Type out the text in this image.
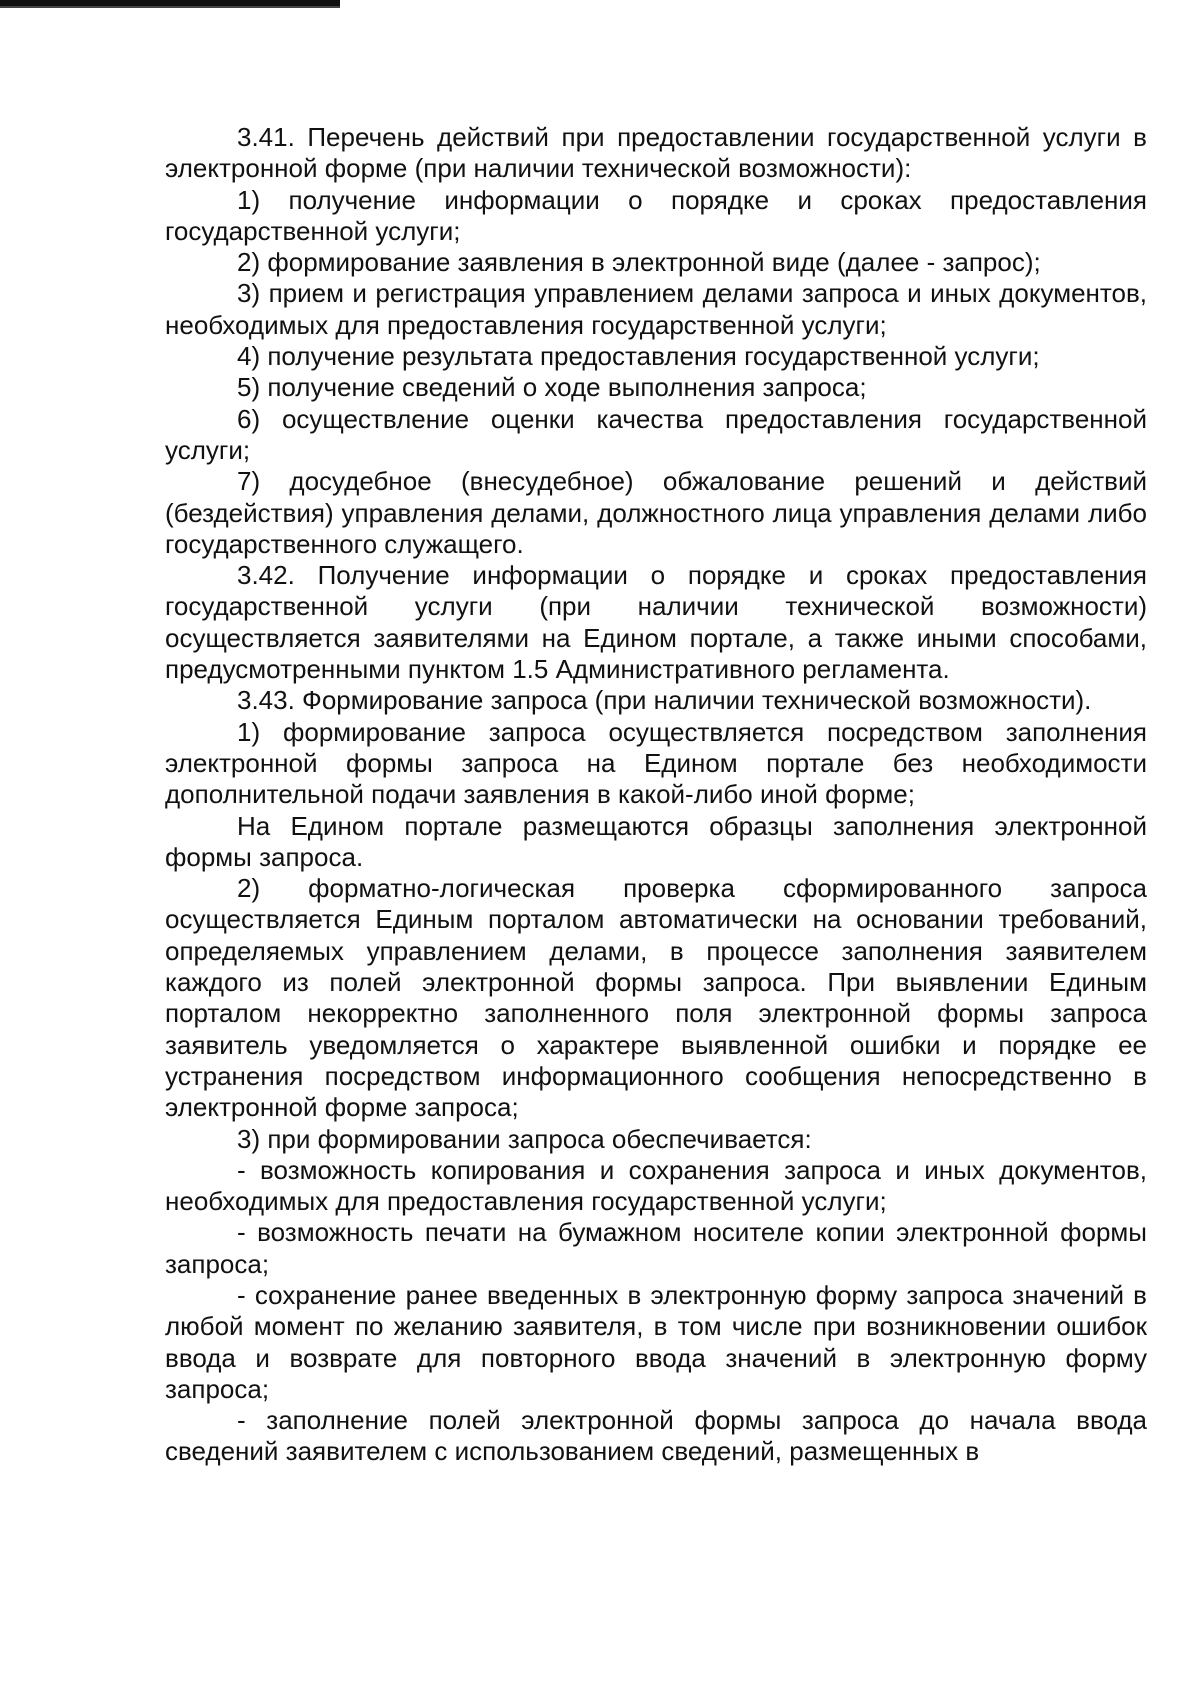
3.41. Перечень действий при предоставлении государственной услуги в электронной форме (при наличии технической возможности):

1) получение информации о порядке и сроках предоставления государственной услуги;

2) формирование заявления в электронной виде (далее - запрос);

3) прием и регистрация управлением делами запроса и иных документов, необходимых для предоставления государственной услуги;

4) получение результата предоставления государственной услуги;

5) получение сведений о ходе выполнения запроса;

6) осуществление оценки качества предоставления государственной услуги;

7) досудебное (внесудебное) обжалование решений и действий (бездействия) управления делами, должностного лица управления делами либо государственного служащего.

3.42. Получение информации о порядке и сроках предоставления государственной услуги (при наличии технической возможности) осуществляется заявителями на Едином портале, а также иными способами, предусмотренными пунктом 1.5 Административного регламента.

3.43. Формирование запроса (при наличии технической возможности).

1) формирование запроса осуществляется посредством заполнения электронной формы запроса на Едином портале без необходимости дополнительной подачи заявления в какой-либо иной форме;

На Едином портале размещаются образцы заполнения электронной формы запроса.

2) форматно-логическая проверка сформированного запроса осуществляется Единым порталом автоматически на основании требований, определяемых управлением делами, в процессе заполнения заявителем каждого из полей электронной формы запроса. При выявлении Единым порталом некорректно заполненного поля электронной формы запроса заявитель уведомляется о характере выявленной ошибки и порядке ее устранения посредством информационного сообщения непосредственно в электронной форме запроса;

3) при формировании запроса обеспечивается:

- возможность копирования и сохранения запроса и иных документов, необходимых для предоставления государственной услуги;

- возможность печати на бумажном носителе копии электронной формы запроса;

- сохранение ранее введенных в электронную форму запроса значений в любой момент по желанию заявителя, в том числе при возникновении ошибок ввода и возврате для повторного ввода значений в электронную форму запроса;

- заполнение полей электронной формы запроса до начала ввода сведений заявителем с использованием сведений, размещенных в
